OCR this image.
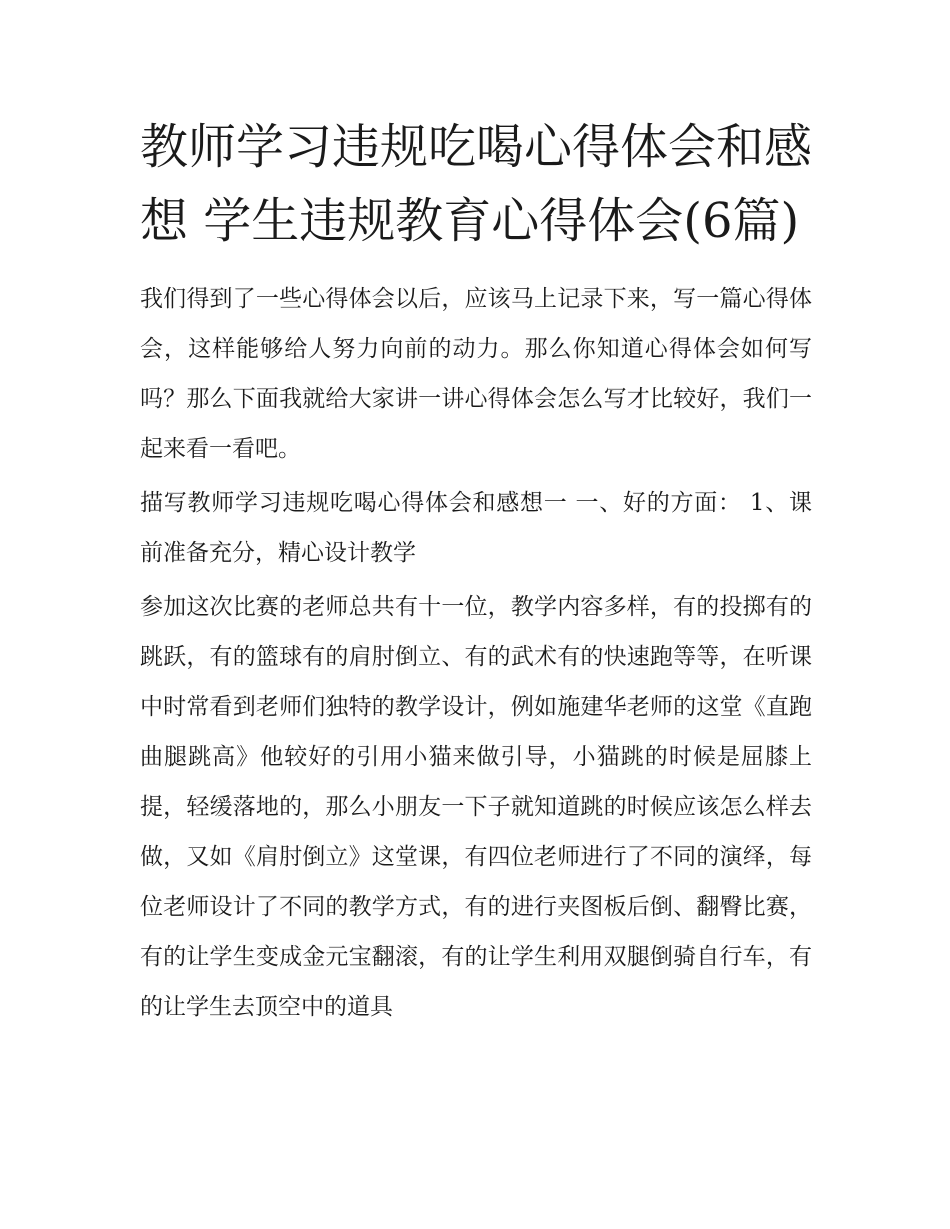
教师学习违规吃喝心得体会和感想 学生违规教育心得体会(6篇)

我们得到了一些心得体会以后，应该马上记录下来，写一篇心得体会，这样能够给人努力向前的动力。那么你知道心得体会如何写吗？那么下面我就给大家讲一讲心得体会怎么写才比较好，我们一起来看一看吧。

描写教师学习违规吃喝心得体会和感想一 一、好的方面： 1、课前准备充分，精心设计教学

参加这次比赛的老师总共有十一位，教学内容多样，有的投掷有的跳跃，有的篮球有的肩肘倒立、有的武术有的快速跑等等，在听课中时常看到老师们独特的教学设计，例如施建华老师的这堂《直跑曲腿跳高》他较好的引用小猫来做引导，小猫跳的时候是屈膝上提，轻缓落地的，那么小朋友一下子就知道跳的时候应该怎么样去做，又如《肩肘倒立》这堂课，有四位老师进行了不同的演绎，每位老师设计了不同的教学方式，有的进行夹图板后倒、翻臀比赛，有的让学生变成金元宝翻滚，有的让学生利用双腿倒骑自行车，有的让学生去顶空中的道具
